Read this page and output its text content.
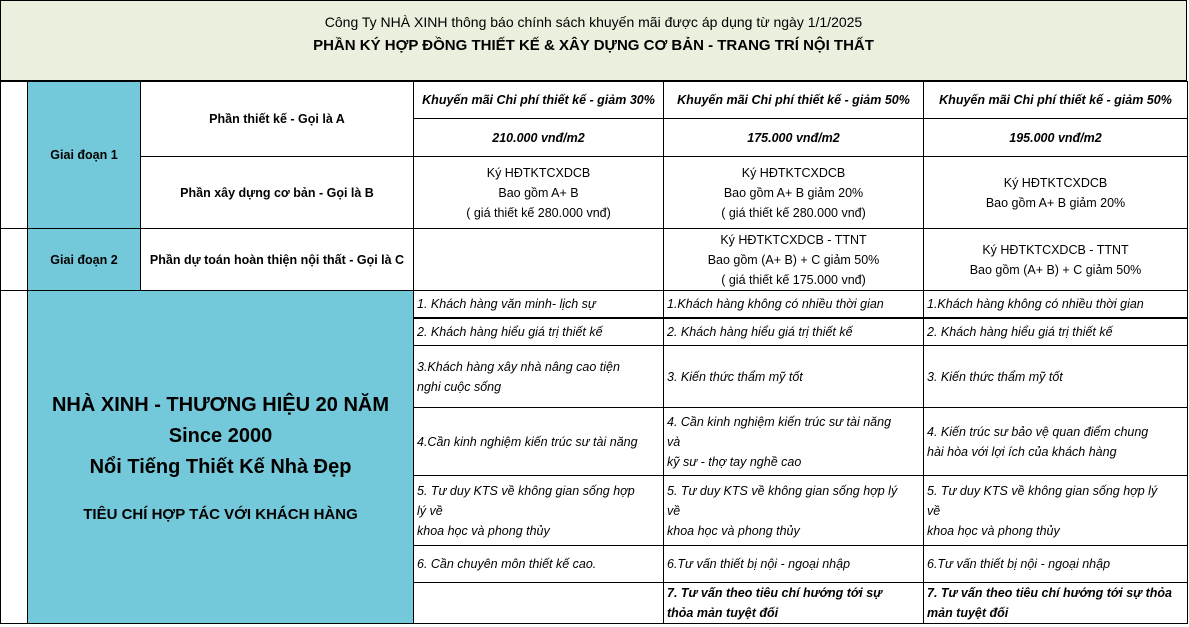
Công Ty NHÀ XINH thông báo chính sách khuyến mãi được áp dụng từ ngày 1/1/2025
PHẦN KÝ HỢP ĐỒNG THIẾT KẾ & XÂY DỰNG CƠ BẢN - TRANG TRÍ NỘI THẤT
	Giai đoạn 1	Phần thiết kế - Gọi là A	Khuyến mãi Chi phí thiết kế - giảm 30%	Khuyến mãi Chi phí thiết kế - giảm 50%	Khuyến mãi Chi phí thiết kế - giảm 50%
			210.000 vnđ/m2	175.000 vnđ/m2	195.000 vnđ/m2
		Phần xây dựng cơ bản - Gọi là B	Ký HĐTKTCXDCB
Bao gồm A+ B
( giá thiết kế 280.000 vnđ)	Ký HĐTKTCXDCB
Bao gồm A+ B giảm 20%
( giá thiết kế 280.000 vnđ)	Ký HĐTKTCXDCB
Bao gồm A+ B giảm 20%
	Giai đoạn 2	Phần dự toán hoàn thiện nội thất - Gọi là C		Ký HĐTKTCXDCB - TTNT
Bao gồm (A+ B) + C giảm 50%
( giá thiết kế 175.000 vnđ)	Ký HĐTKTCXDCB - TTNT
Bao gồm (A+ B) + C giảm 50%

	NHÀ XINH - THƯƠNG HIỆU 20 NĂM
Since 2000
Nổi Tiếng Thiết Kế Nhà Đẹp
TIÊU CHÍ HỢP TÁC VỚI KHÁCH HÀNG		1. Khách hàng văn minh- lịch sự	1.Khách hàng không có nhiều thời gian	1.Khách hàng không có nhiều thời gian
			2. Khách hàng hiểu giá trị thiết kế	2. Khách hàng hiểu giá trị thiết kế	2. Khách hàng hiểu giá trị thiết kế
			3.Khách hàng xây nhà nâng cao tiện
nghi cuộc sống	3. Kiến thức thẩm mỹ tốt	3. Kiến thức thẩm mỹ tốt
			4.Cần kinh nghiệm kiến trúc sư tài năng	4. Cần kinh nghiệm kiến trúc sư tài năng
và
kỹ sư - thợ tay nghề cao	4. Kiến trúc sư bảo vệ quan điểm chung
hài hòa với lợi ích của khách hàng
			5. Tư duy KTS về không gian sống hợp
lý về
khoa học và phong thủy	5. Tư duy KTS về không gian sống hợp lý
về
khoa học và phong thủy	5. Tư duy KTS về không gian sống hợp lý
về
khoa học và phong thủy
			6. Cần chuyên môn thiết kế cao.	6.Tư vấn thiết bị nội - ngoại nhập	6.Tư vấn thiết bị nội - ngoại nhập
				7. Tư vấn theo tiêu chí hướng tới sự
thỏa mản tuyệt đối	7. Tư vấn theo tiêu chí hướng tới sự thỏa
mản tuyệt đối
